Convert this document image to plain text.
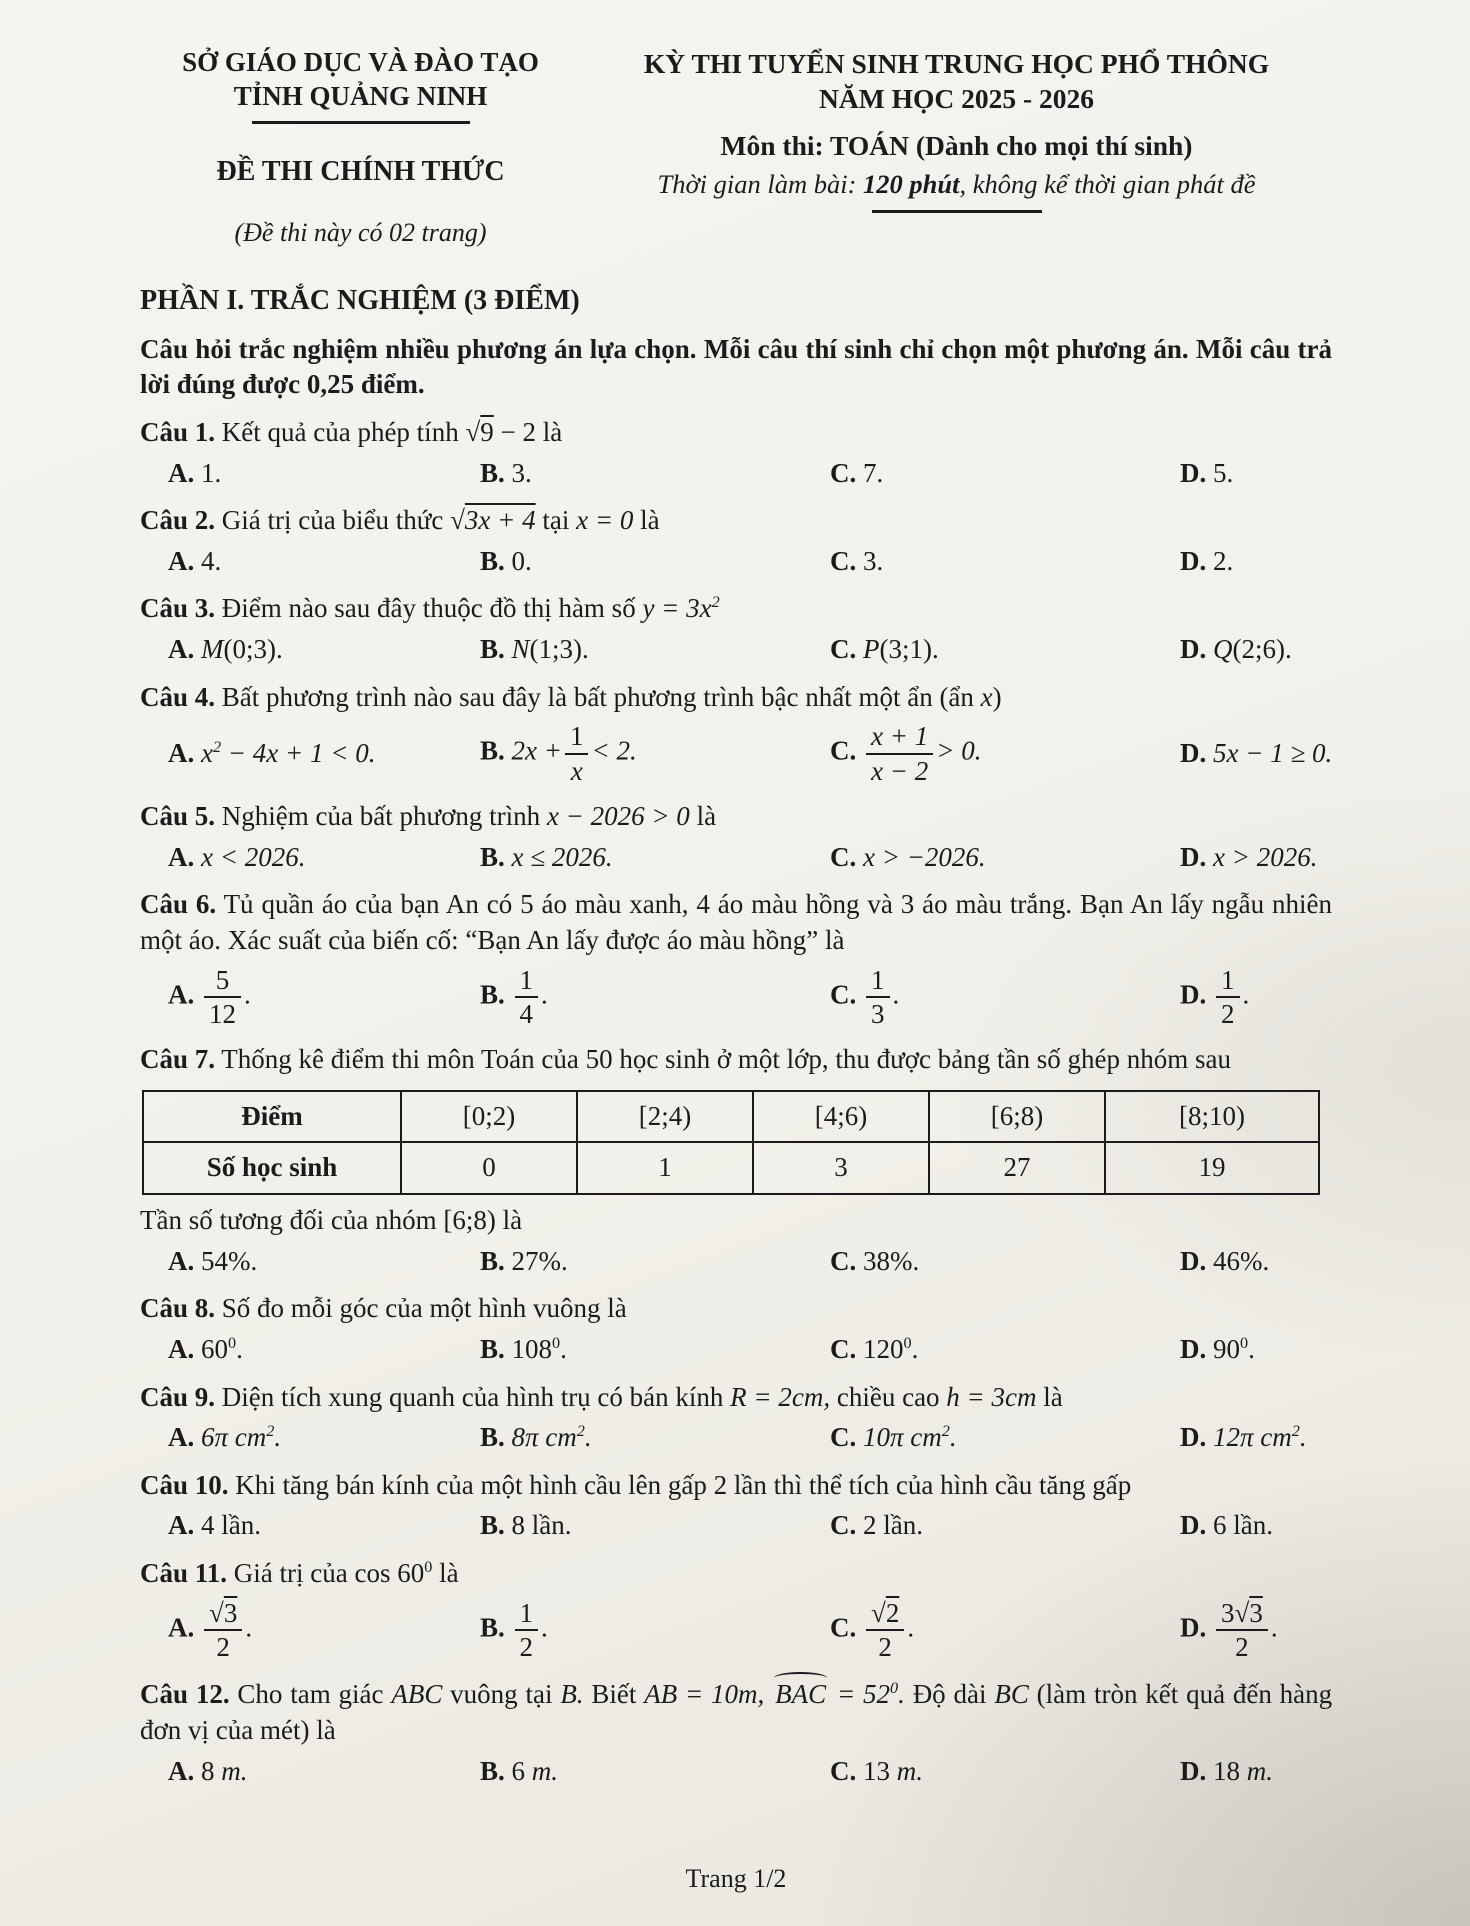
SỞ GIÁO DỤC VÀ ĐÀO TẠO
TỈNH QUẢNG NINH
ĐỀ THI CHÍNH THỨC
(Đề thi này có 02 trang)
KỲ THI TUYỂN SINH TRUNG HỌC PHỔ THÔNG
NĂM HỌC 2025 - 2026
Môn thi: TOÁN (Dành cho mọi thí sinh)
Thời gian làm bài: 120 phút, không kể thời gian phát đề
PHẦN I. TRẮC NGHIỆM (3 ĐIỂM)
Câu hỏi trắc nghiệm nhiều phương án lựa chọn. Mỗi câu thí sinh chỉ chọn một phương án. Mỗi câu trả lời đúng được 0,25 điểm.
Câu 1. Kết quả của phép tính √9 − 2 là
A. 1.	B. 3.	C. 7.	D. 5.
Câu 2. Giá trị của biểu thức √3x + 4 tại x = 0 là
A. 4.	B. 0.	C. 3.	D. 2.
Câu 3. Điểm nào sau đây thuộc đồ thị hàm số $y = 3x^2$
A. M(0;3).	B. N(1;3).	C. P(3;1).	D. Q(2;6).
Câu 4. Bất phương trình nào sau đây là bất phương trình bậc nhất một ẩn (ẩn x)
A. $x^2 - 4x + 1 < 0$.	B. $2x + \frac{1}{x} < 2$.	C. $\frac{x + 1}{x - 2} > 0$.	D. 5x − 1 ≥ 0.
Câu 5. Nghiệm của bất phương trình x − 2026 > 0 là
A. x < 2026.	B. x ≤ 2026.	C. x > −2026.	D. x > 2026.
Câu 6. Tủ quần áo của bạn An có 5 áo màu xanh, 4 áo màu hồng và 3 áo màu trắng. Bạn An lấy ngẫu nhiên một áo. Xác suất của biến cố: “Bạn An lấy được áo màu hồng” là
A. $\frac{5}{12}$ .	B. $\frac{1}{4}$ .	C. $\frac{1}{3}$ .	D. $\frac{1}{2}$ .
Câu 7. Thống kê điểm thi môn Toán của 50 học sinh ở một lớp, thu được bảng tần số ghép nhóm sau
Điểm	[0;2)	[2;4)	[4;6)	[6;8)	[8;10)
Số học sinh	0	1	3	27	19
Tần số tương đối của nhóm [6;8) là
A. 54%.	B. 27%.	C. 38%.	D. 46%.
Câu 8. Số đo mỗi góc của một hình vuông là
A. $60^0$.	B. $108^0$.	C. $120^0$.	D. $90^0$.
Câu 9. Diện tích xung quanh của hình trụ có bán kính R = 2cm, chiều cao h = 3cm là
A. 6π $cm^2$.	B. 8π $cm^2$.	C. 10π $cm^2$.	D. 12π $cm^2$.
Câu 10. Khi tăng bán kính của một hình cầu lên gấp 2 lần thì thể tích của hình cầu tăng gấp
A. 4 lần.	B. 8 lần.	C. 2 lần.	D. 6 lần.
Câu 11. Giá trị của $\cos 60^0$ là
A. $\frac{√3}{2}$ .	B. $\frac{1}{2}$ .	C. $\frac{√2}{2}$ .	D. $\frac{3√3}{2}$ .
Câu 12. Cho tam giác ABC vuông tại B. Biết AB = 10m, BAC = $52^0$. Độ dài BC (làm tròn kết quả đến hàng đơn vị của mét) là
A. 8 m.	B. 6 m.	C. 13 m.	D. 18 m.
Trang 1/2
